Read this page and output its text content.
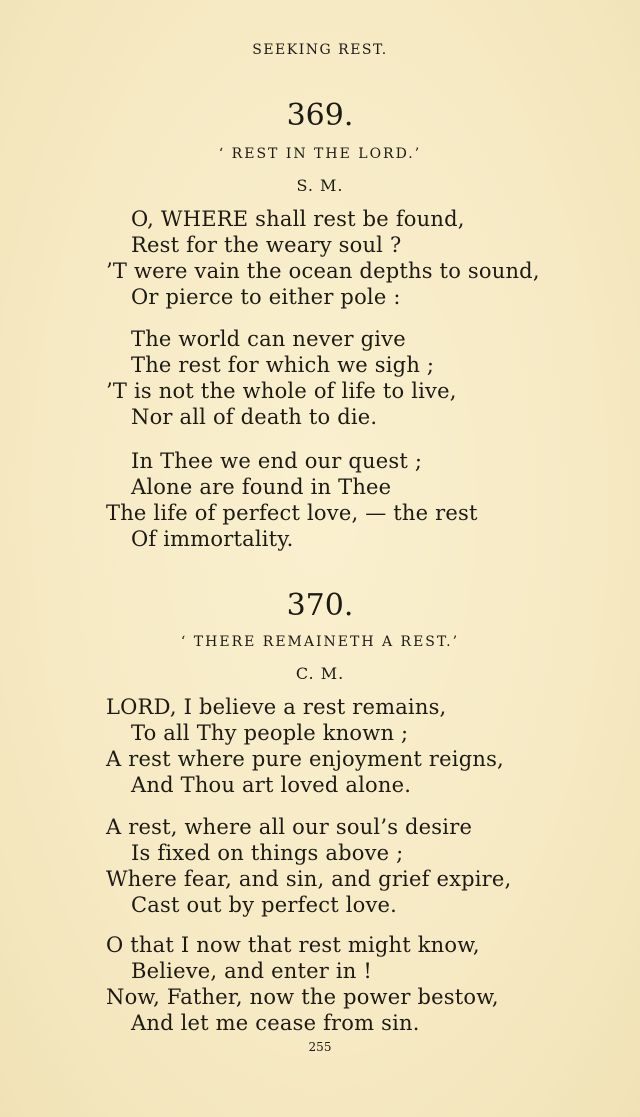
SEEKING REST.
369.
‘ REST IN THE LORD.’
S. M.
O, WHERE shall rest be found,
Rest for the weary soul ?
’T were vain the ocean depths to sound,
Or pierce to either pole :
The world can never give
The rest for which we sigh ;
’T is not the whole of life to live,
Nor all of death to die.
In Thee we end our quest ;
Alone are found in Thee
The life of perfect love, — the rest
Of immortality.
370.
‘ THERE REMAINETH A REST.’
C. M.
LORD, I believe a rest remains,
To all Thy people known ;
A rest where pure enjoyment reigns,
And Thou art loved alone.
A rest, where all our soul’s desire
Is fixed on things above ;
Where fear, and sin, and grief expire,
Cast out by perfect love.
O that I now that rest might know,
Believe, and enter in !
Now, Father, now the power bestow,
And let me cease from sin.
255
